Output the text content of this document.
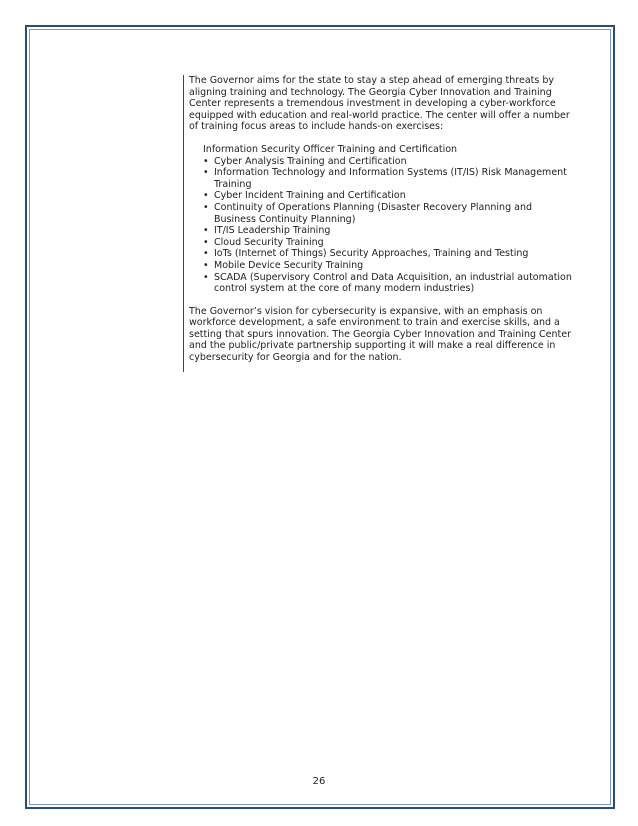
The Governor aims for the state to stay a step ahead of emerging threats by aligning training and technology. The Georgia Cyber Innovation and Training Center represents a tremendous investment in developing a cyber-workforce equipped with education and real-world practice. The center will offer a number of training focus areas to include hands-on exercises:

Information Security Officer Training and Certification

• Cyber Analysis Training and Certification
• Information Technology and Information Systems (IT/IS) Risk Management Training
• Cyber Incident Training and Certification
• Continuity of Operations Planning (Disaster Recovery Planning and Business Continuity Planning)
• IT/IS Leadership Training
• Cloud Security Training
• IoTs (Internet of Things) Security Approaches, Training and Testing
• Mobile Device Security Training
• SCADA (Supervisory Control and Data Acquisition, an industrial automation control system at the core of many modern industries)

The Governor’s vision for cybersecurity is expansive, with an emphasis on workforce development, a safe environment to train and exercise skills, and a setting that spurs innovation. The Georgia Cyber Innovation and Training Center and the public/private partnership supporting it will make a real difference in cybersecurity for Georgia and for the nation.

26
